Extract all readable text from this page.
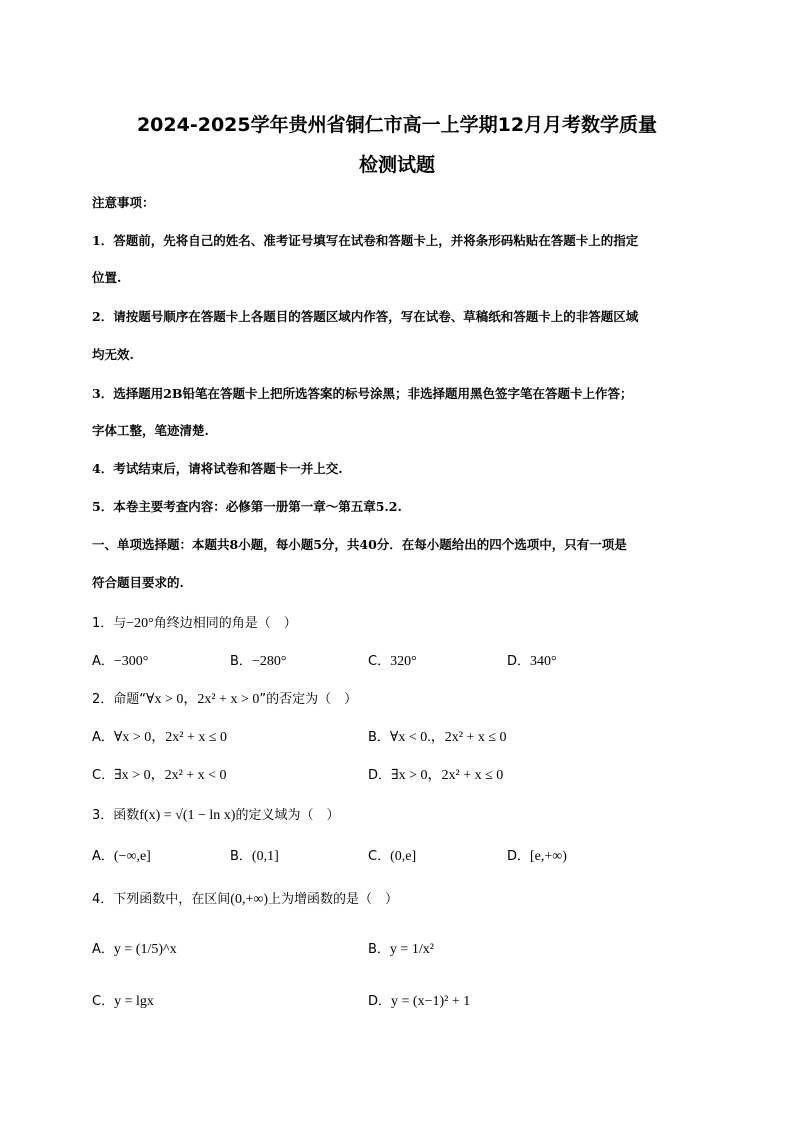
2024-2025学年贵州省铜仁市高一上学期12月月考数学质量
检测试题
注意事项：
1．答题前，先将自己的姓名、准考证号填写在试卷和答题卡上，并将条形码粘贴在答题卡上的指定
位置.
2．请按题号顺序在答题卡上各题目的答题区域内作答，写在试卷、草稿纸和答题卡上的非答题区域
均无效.
3．选择题用2B铅笔在答题卡上把所选答案的标号涂黑；非选择题用黑色签字笔在答题卡上作答；
字体工整，笔迹清楚.
4．考试结束后，请将试卷和答题卡一并上交.
5．本卷主要考查内容：必修第一册第一章～第五章5.2.
一、单项选择题：本题共8小题，每小题5分，共40分．在每小题给出的四个选项中，只有一项是
符合题目要求的.
1．与−20°角终边相同的角是（　）
A．−300°	B．−280°	C．320°	D．340°
2．命题“∀x > 0，2x² + x > 0”的否定为（　）
A．∀x > 0，2x² + x ≤ 0	B．∀x < 0.，2x² + x ≤ 0
C．∃x > 0，2x² + x < 0	D．∃x > 0，2x² + x ≤ 0
3．函数f(x) = √(1 − ln x)的定义域为（　）
A．(−∞,e]	B．(0,1]	C．(0,e]	D．[e,+∞)
4．下列函数中，在区间(0,+∞)上为增函数的是（　）
A．y = (1/5)^x	B．y = 1/x²
C．y = lgx	D．y = (x−1)² + 1
